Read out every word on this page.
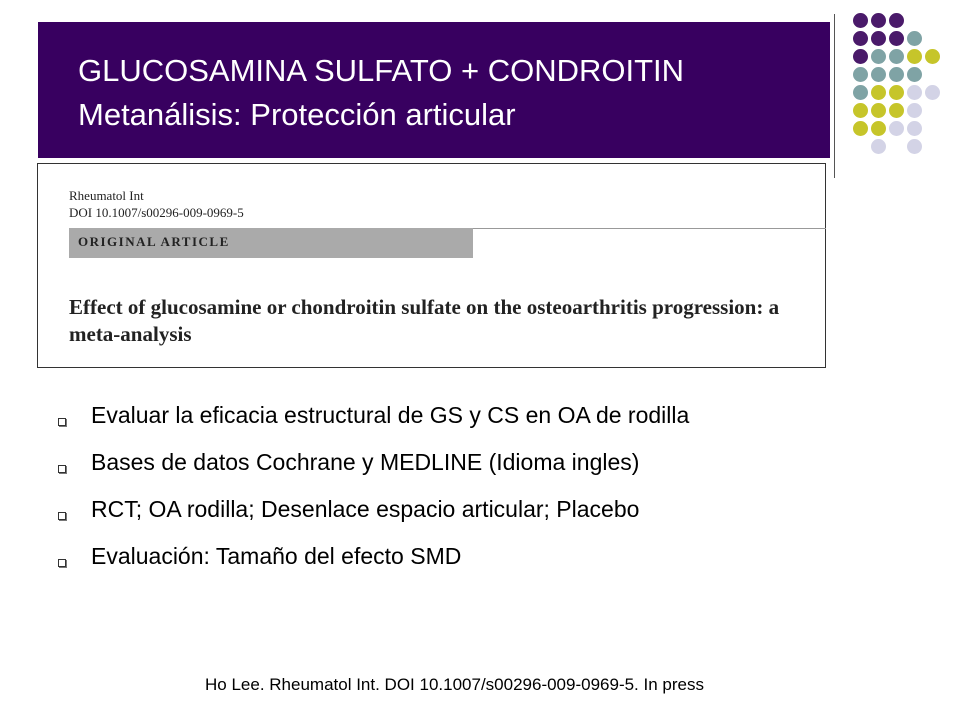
GLUCOSAMINA SULFATO + CONDROITIN
Metanálisis: Protección articular
Rheumatol Int
DOI 10.1007/s00296-009-0969-5
ORIGINAL ARTICLE
Effect of glucosamine or chondroitin sulfate on the osteoarthritis progression: a meta-analysis
Evaluar la eficacia estructural de GS y CS en OA de rodilla
Bases de datos Cochrane y MEDLINE (Idioma ingles)
RCT; OA rodilla; Desenlace espacio articular; Placebo
Evaluación: Tamaño del efecto SMD
Ho Lee. Rheumatol Int. DOI 10.1007/s00296-009-0969-5. In press
